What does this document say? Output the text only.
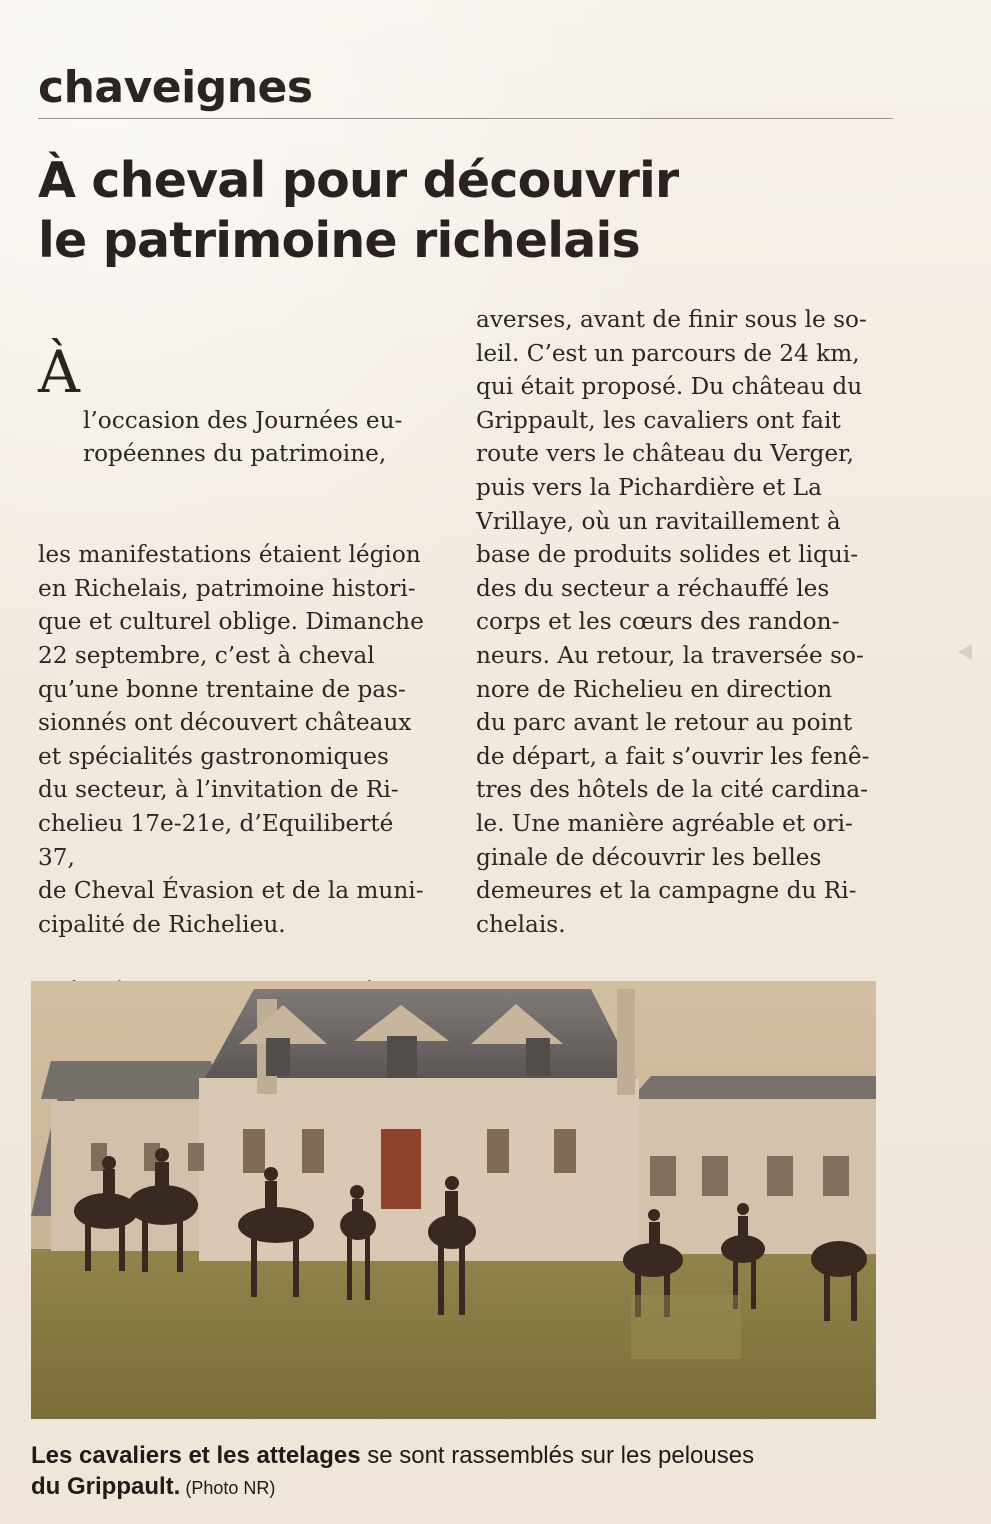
chaveignes
À cheval pour découvrir
le patrimoine richelais

À

l’occasion des Journées eu-
ropéennes du patrimoine,

les manifestations étaient légion
en Richelais, patrimoine histori-
que et culturel oblige. Dimanche
22 septembre, c’est à cheval
qu’une bonne trentaine de pas-
sionnés ont découvert châteaux
et spécialités gastronomiques
du secteur, à l’invitation de Ri-
chelieu 17e-21e, d’Equiliberté 37,
de Cheval Évasion et de la muni-
cipalité de Richelieu.

averses, avant de finir sous le so-
leil. C’est un parcours de 24 km,
qui était proposé. Du château du
Grippault, les cavaliers ont fait
route vers le château du Verger,
puis vers la Pichardière et La
Vrillaye, où un ravitaillement à
base de produits solides et liqui-
des du secteur a réchauffé les
corps et les cœurs des randon-
neurs. Au retour, la traversée so-
nore de Richelieu en direction
du parc avant le retour au point
de départ, a fait s’ouvrir les fenê-
tres des hôtels de la cité cardina-
le. Une manière agréable et ori-
ginale de découvrir les belles
demeures et la campagne du Ri-
chelais.
Les cavaliers et les attelages se sont rassemblés sur les pelouses
du Grippault. (Photo NR)
